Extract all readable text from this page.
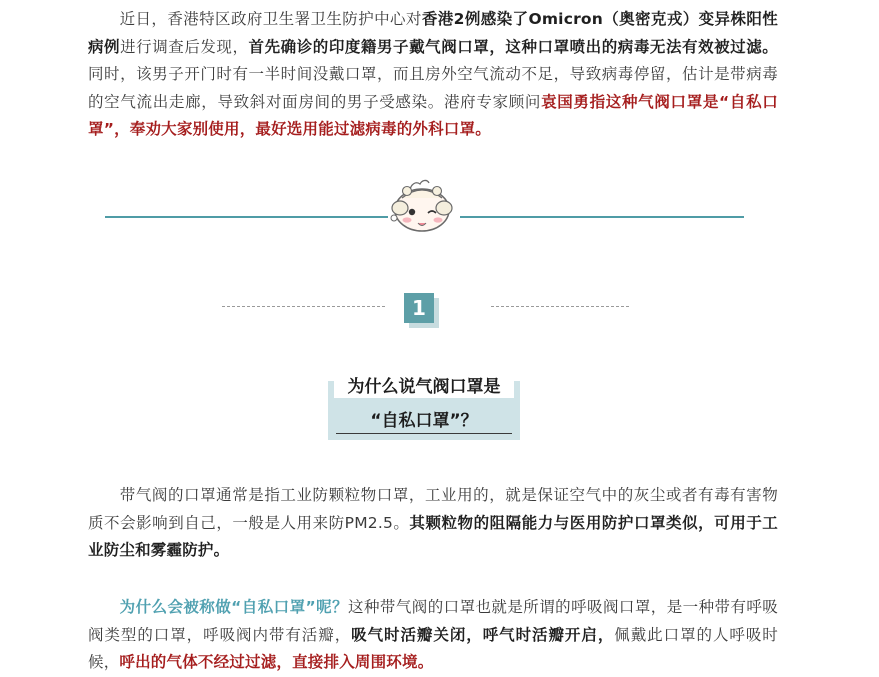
  近日，香港特区政府卫生署卫生防护中心对香港2例感染了Omicron（奥密克戎）变异株阳性病例进行调查后发现，首先确诊的印度籍男子戴气阀口罩，这种口罩喷出的病毒无法有效被过滤。同时，该男子开门时有一半时间没戴口罩，而且房外空气流动不足，导致病毒停留，估计是带病毒的空气流出走廊，导致斜对面房间的男子受感染。港府专家顾问袁国勇指这种气阀口罩是“自私口罩”，奉劝大家别使用，最好选用能过滤病毒的外科口罩。

1
为什么说气阀口罩是
“自私口罩”？

  带气阀的口罩通常是指工业防颗粒物口罩，工业用的，就是保证空气中的灰尘或者有毒有害物质不会影响到自己，一般是人用来防PM2.5。其颗粒物的阻隔能力与医用防护口罩类似，可用于工业防尘和雾霾防护。

  为什么会被称做“自私口罩”呢？这种带气阀的口罩也就是所谓的呼吸阀口罩，是一种带有呼吸阀类型的口罩，呼吸阀内带有活瓣，吸气时活瓣关闭，呼气时活瓣开启，佩戴此口罩的人呼吸时候，呼出的气体不经过过滤，直接排入周围环境。
